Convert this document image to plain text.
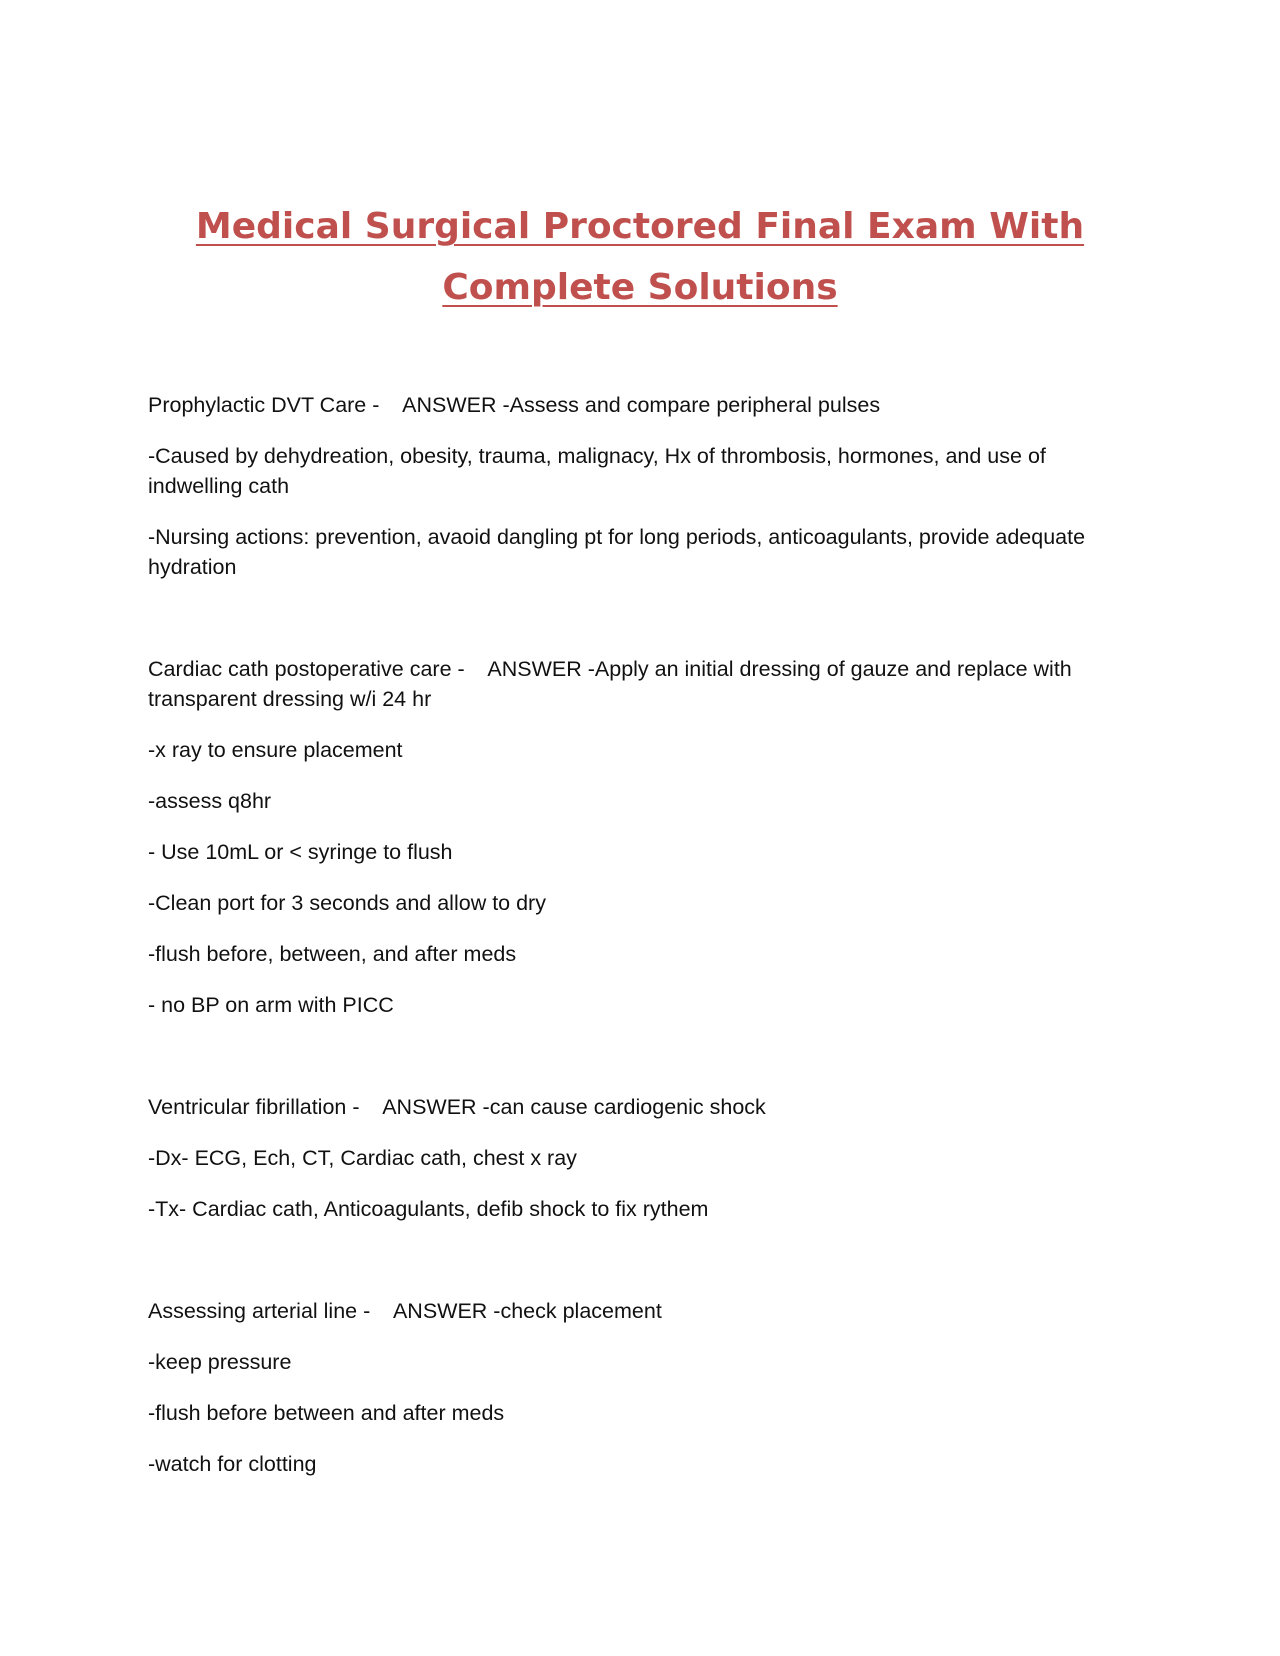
Medical Surgical Proctored Final Exam With
Complete Solutions

Prophylactic DVT Care -    ANSWER -Assess and compare peripheral pulses

-Caused by dehydreation, obesity, trauma, malignacy, Hx of thrombosis, hormones, and use of indwelling cath

-Nursing actions: prevention, avaoid dangling pt for long periods, anticoagulants, provide adequate hydration

Cardiac cath postoperative care -    ANSWER -Apply an initial dressing of gauze and replace with transparent dressing w/i 24 hr

-x ray to ensure placement

-assess q8hr

- Use 10mL or < syringe to flush

-Clean port for 3 seconds and allow to dry

-flush before, between, and after meds

- no BP on arm with PICC

Ventricular fibrillation -    ANSWER -can cause cardiogenic shock

-Dx- ECG, Ech, CT, Cardiac cath, chest x ray

-Tx- Cardiac cath, Anticoagulants, defib shock to fix rythem

Assessing arterial line -    ANSWER -check placement

-keep pressure

-flush before between and after meds

-watch for clotting
